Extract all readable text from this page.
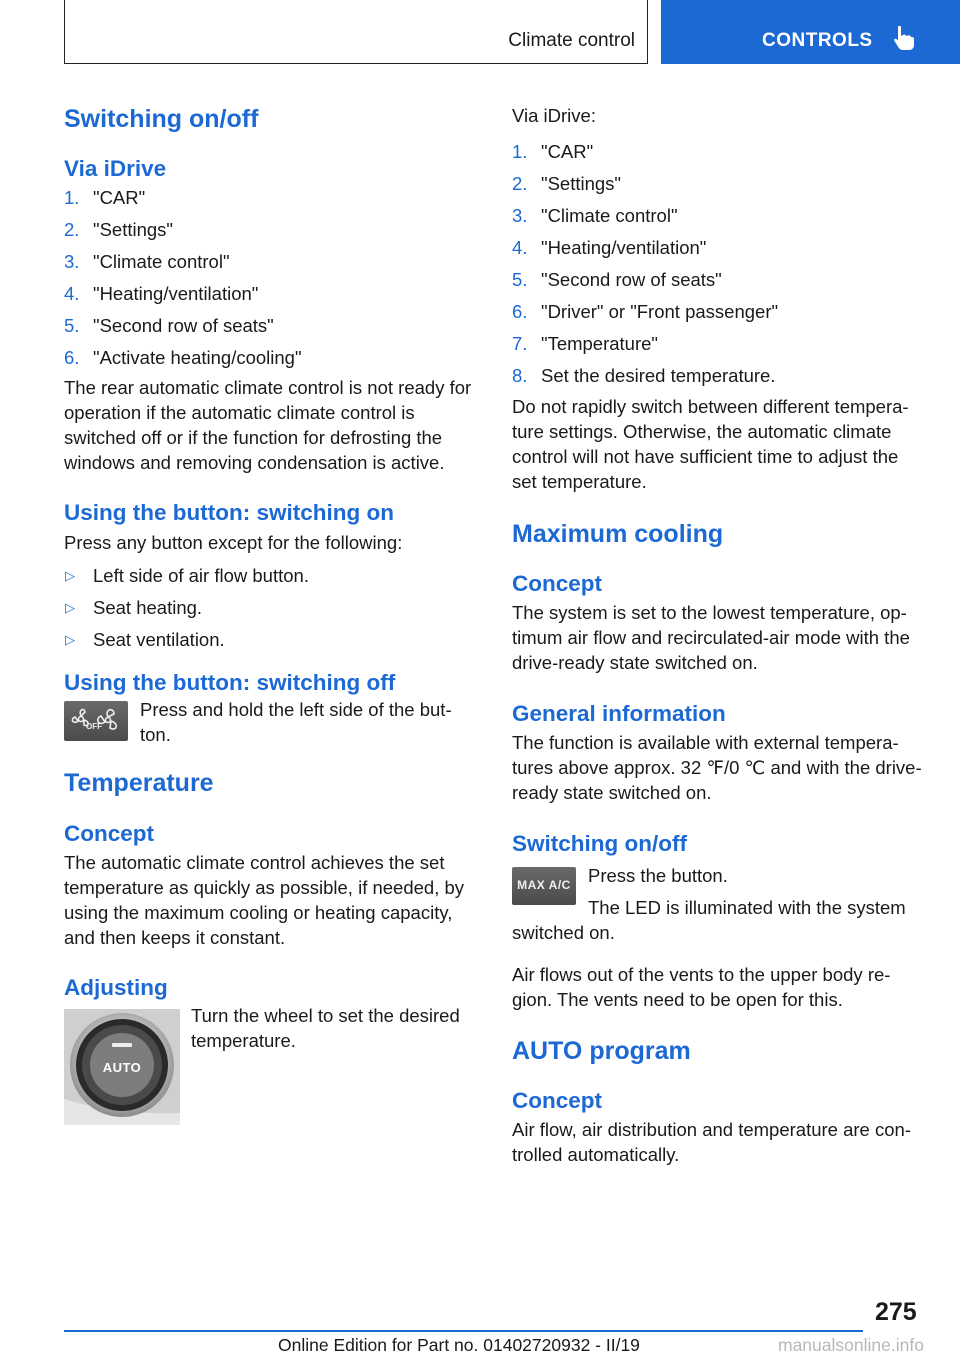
Climate control	CONTROLS
Switching on/off
Via iDrive
1. "CAR"
2. "Settings"
3. "Climate control"
4. "Heating/ventilation"
5. "Second row of seats"
6. "Activate heating/cooling"

The rear automatic climate control is not ready for operation if the automatic climate control is switched off or if the function for defrosting the windows and removing condensation is active.

Using the button: switching on

Press any button except for the following:

▷ Left side of air flow button.
▷ Seat heating.
▷ Seat ventilation.
Using the button: switching off
OFF

Press and hold the left side of the but‐ ton.

Temperature
Concept

The automatic climate control achieves the set temperature as quickly as possible, if needed, by using the maximum cooling or heating capacity, and then keeps it constant.

Adjusting
AUTO

Turn the wheel to set the desired temperature.

Via iDrive:

1. "CAR"
2. "Settings"
3. "Climate control"
4. "Heating/ventilation"
5. "Second row of seats"
6. "Driver" or "Front passenger"
7. "Temperature"
8. Set the desired temperature.

Do not rapidly switch between different tempera‐ ture settings. Otherwise, the automatic climate control will not have sufficient time to adjust the set temperature.

Maximum cooling
Concept

The system is set to the lowest temperature, op‐ timum air flow and recirculated-air mode with the drive-ready state switched on.

General information

The function is available with external tempera‐ tures above approx. 32 ℉/0 ℃ and with the drive-ready state switched on.

Switching on/off
MAX A/C Press the button.

The LED is illuminated with the system switched on.

Air flows out of the vents to the upper body re‐ gion. The vents need to be open for this.

AUTO program
Concept

Air flow, air distribution and temperature are con‐ trolled automatically.

275
Online Edition for Part no. 01402720932 - II/19	manualsonline.info
